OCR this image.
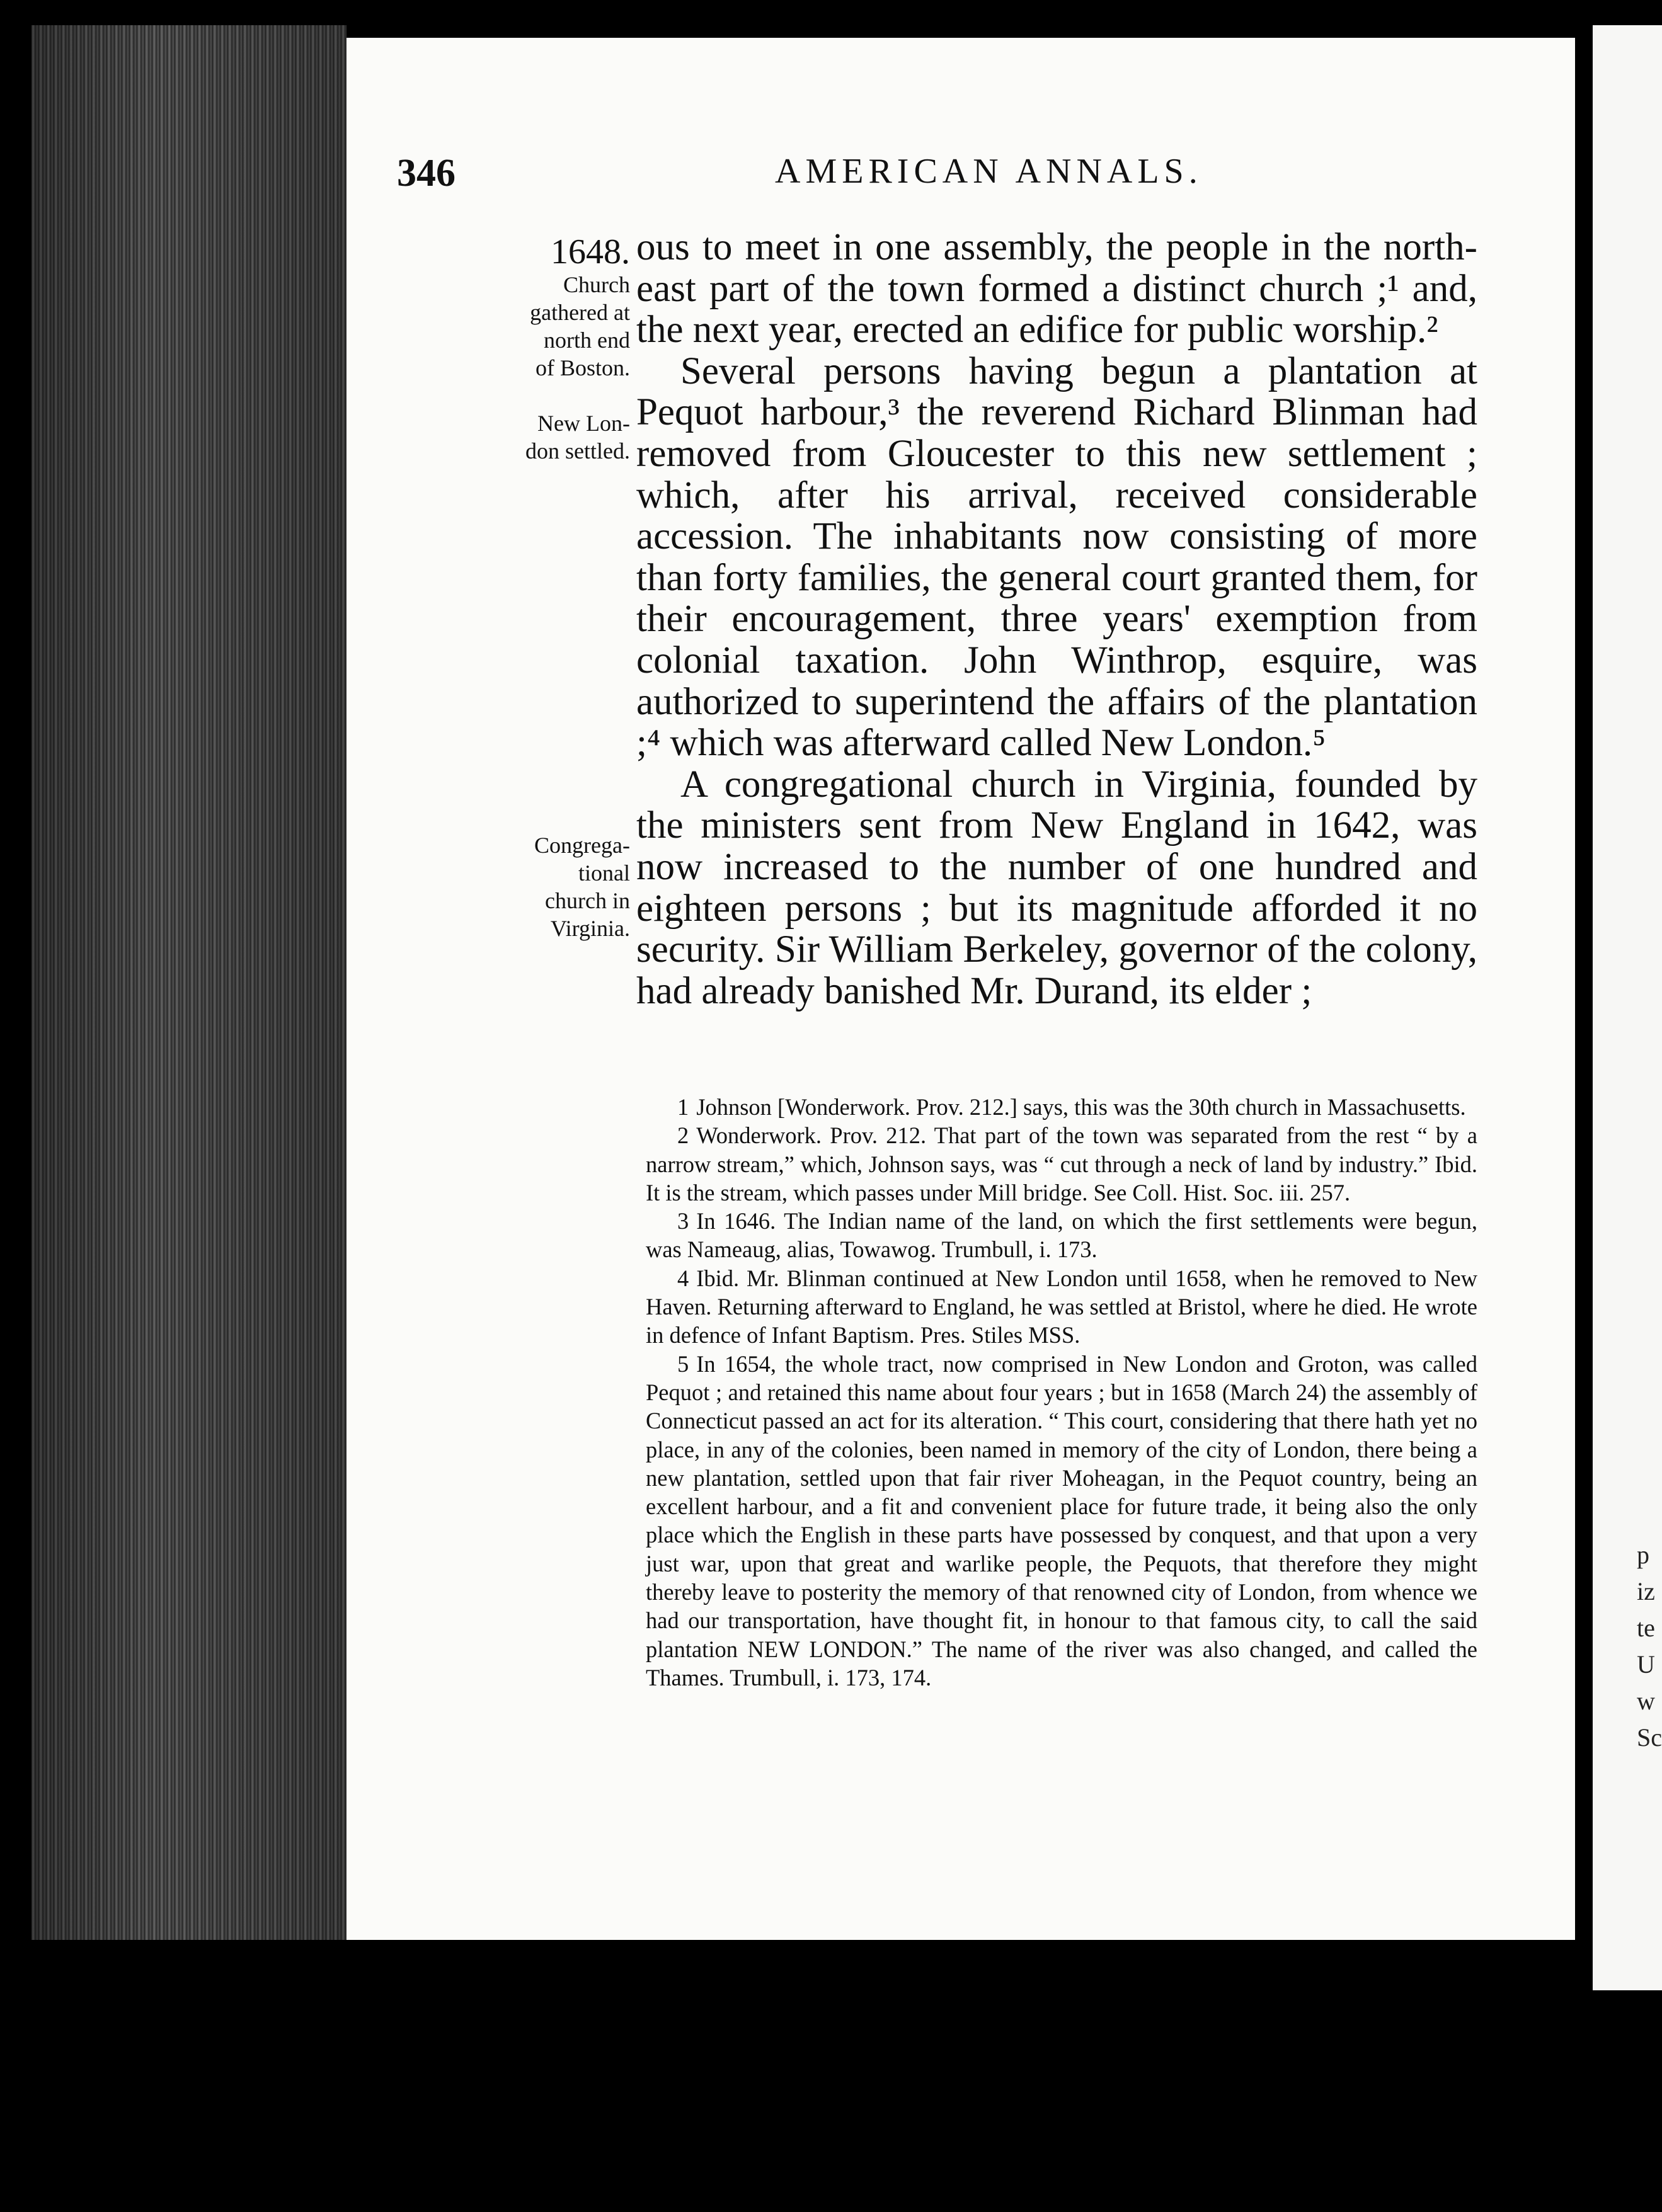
p
iz
te
U
w
Sc
346	AMERICAN ANNALS.
1648.
Church
gathered at
north end
of Boston.
New Lon-
don settled.
Congrega-
tional
church in
Virginia.

ous to meet in one assembly, the people in the north-east part of the town formed a distinct church ;¹ and, the next year, erected an edifice for public worship.²

Several persons having begun a plantation at Pequot harbour,³ the reverend Richard Blinman had removed from Gloucester to this new settlement ; which, after his arrival, received considerable accession. The inhabitants now consisting of more than forty families, the general court granted them, for their encouragement, three years' exemption from colonial taxation. John Winthrop, esquire, was authorized to superintend the affairs of the plantation ;⁴ which was afterward called New London.⁵

A congregational church in Virginia, founded by the ministers sent from New England in 1642, was now increased to the number of one hundred and eighteen persons ; but its magnitude afforded it no security. Sir William Berkeley, governor of the colony, had already banished Mr. Durand, its elder ;

1 Johnson [Wonderwork. Prov. 212.] says, this was the 30th church in Massachusetts.

2 Wonderwork. Prov. 212. That part of the town was separated from the rest “ by a narrow stream,” which, Johnson says, was “ cut through a neck of land by industry.” Ibid. It is the stream, which passes under Mill bridge. See Coll. Hist. Soc. iii. 257.

3 In 1646. The Indian name of the land, on which the first settlements were begun, was Nameaug, alias, Towawog. Trumbull, i. 173.

4 Ibid. Mr. Blinman continued at New London until 1658, when he removed to New Haven. Returning afterward to England, he was settled at Bristol, where he died. He wrote in defence of Infant Baptism. Pres. Stiles MSS.

5 In 1654, the whole tract, now comprised in New London and Groton, was called Pequot ; and retained this name about four years ; but in 1658 (March 24) the assembly of Connecticut passed an act for its alteration. “ This court, considering that there hath yet no place, in any of the colonies, been named in memory of the city of London, there being a new plantation, settled upon that fair river Moheagan, in the Pequot country, being an excellent harbour, and a fit and convenient place for future trade, it being also the only place which the English in these parts have possessed by conquest, and that upon a very just war, upon that great and warlike people, the Pequots, that therefore they might thereby leave to posterity the memory of that renowned city of London, from whence we had our transportation, have thought fit, in honour to that famous city, to call the said plantation NEW LONDON.” The name of the river was also changed, and called the Thames. Trumbull, i. 173, 174.
